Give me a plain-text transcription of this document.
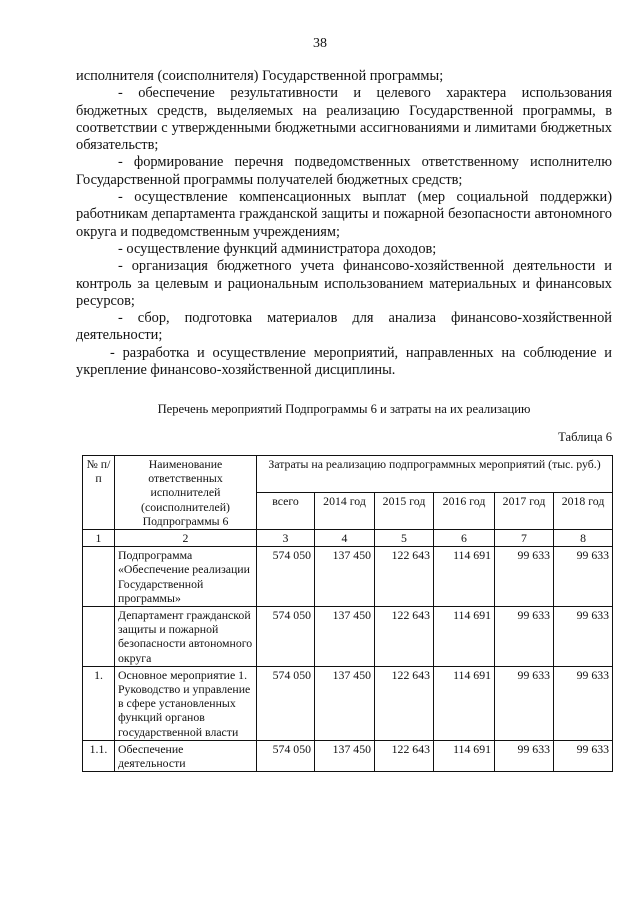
38

исполнителя (соисполнителя) Государственной программы;

- обеспечение результативности и целевого характера использования бюджетных средств, выделяемых на реализацию Государственной программы, в соответствии с утвержденными бюджетными ассигнованиями и лимитами бюджетных обязательств;

- формирование перечня подведомственных ответственному исполнителю Государственной программы получателей бюджетных средств;

- осуществление компенсационных выплат (мер социальной поддержки) работникам департамента гражданской защиты и пожарной безопасности автономного округа и подведомственным учреждениям;

- осуществление функций администратора доходов;

- организация бюджетного учета финансово-хозяйственной деятельности и контроль за целевым и рациональным использованием материальных и финансовых ресурсов;

- сбор, подготовка материалов для анализа финансово-хозяйственной деятельности;

- разработка и осуществление мероприятий, направленных на соблюдение и укрепление финансово-хозяйственной дисциплины.

Перечень мероприятий Подпрограммы 6 и затраты на их реализацию
Таблица 6
№ п/п	Наименование ответственных исполнителей (соисполнителей) Подпрограммы 6	Затраты на реализацию подпрограммных мероприятий (тыс. руб.)					
		всего	2014 год	2015 год	2016 год	2017 год	2018 год
1	2	3	4	5	6	7	8
	Подпрограмма «Обеспечение реализации Государственной программы»	574 050	137 450	122 643	114 691	99 633	99 633
	Департамент гражданской защиты и пожарной безопасности автономного округа	574 050	137 450	122 643	114 691	99 633	99 633
1.	Основное мероприятие 1. Руководство и управление в сфере установленных функций органов государственной власти	574 050	137 450	122 643	114 691	99 633	99 633
1.1.	Обеспечение деятельности	574 050	137 450	122 643	114 691	99 633	99 633
